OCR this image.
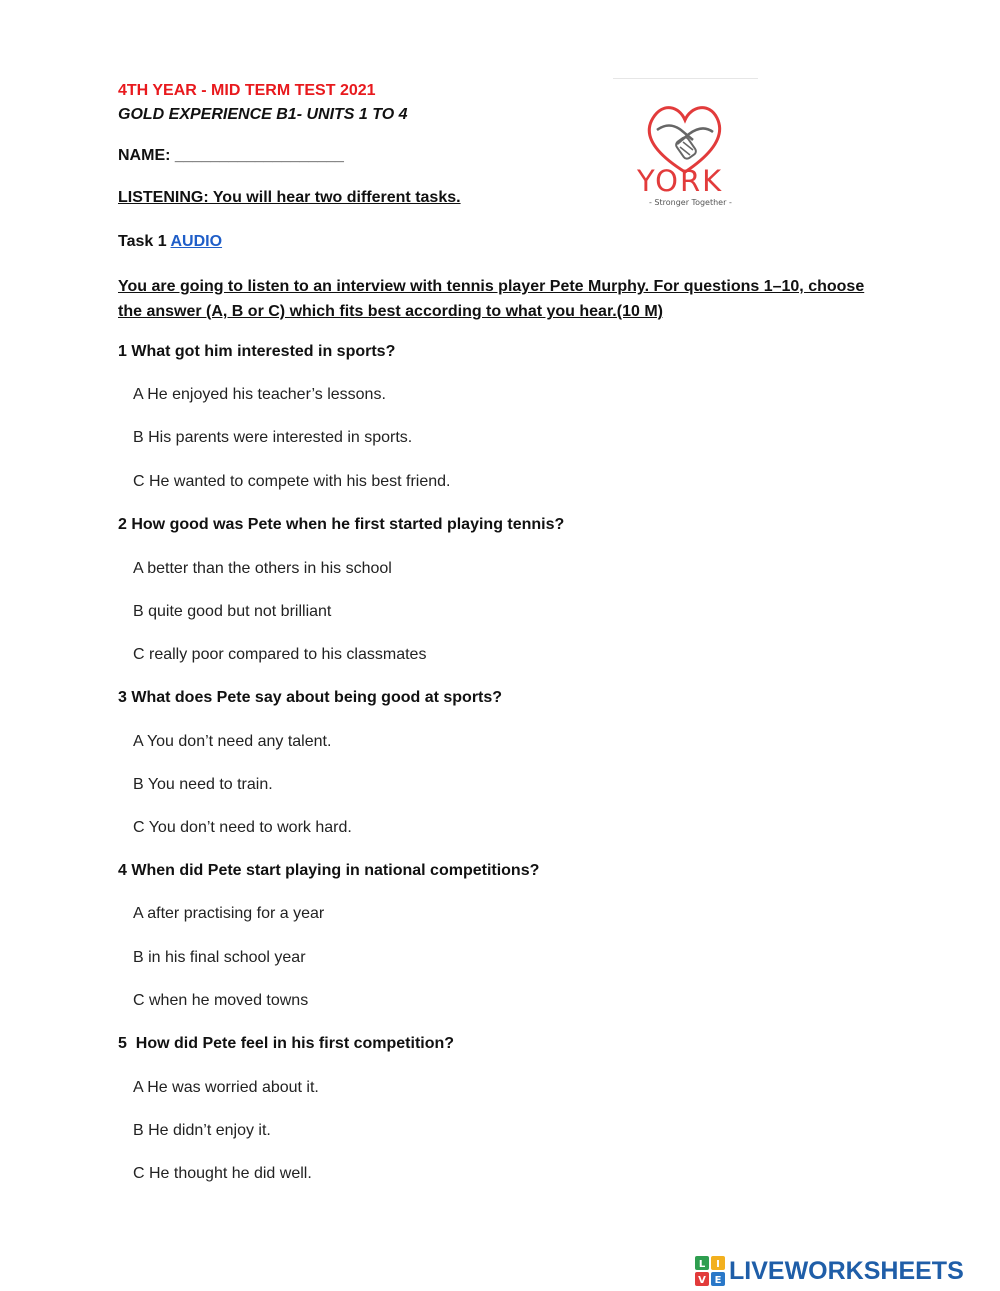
4TH YEAR - MID TERM TEST 2021
GOLD EXPERIENCE B1- UNITS 1 TO 4
NAME: ___________________
LISTENING: You will hear two different tasks.
Task 1 AUDIO
You are going to listen to an interview with tennis player Pete Murphy. For questions 1–10, choose the answer (A, B or C) which fits best according to what you hear.(10 M)
YORK
- Stronger Together -
1 What got him interested in sports?
A He enjoyed his teacher’s lessons.
B His parents were interested in sports.
C He wanted to compete with his best friend.
2 How good was Pete when he first started playing tennis?
A better than the others in his school
B quite good but not brilliant
C really poor compared to his classmates
3 What does Pete say about being good at sports?
A You don’t need any talent.
B You need to train.
C You don’t need to work hard.
4 When did Pete start playing in national competitions?
A after practising for a year
B in his final school year
C when he moved towns
5  How did Pete feel in his first competition?
A He was worried about it.
B He didn’t enjoy it.
C He thought he did well.
L I
V E LIVEWORKSHEETS
